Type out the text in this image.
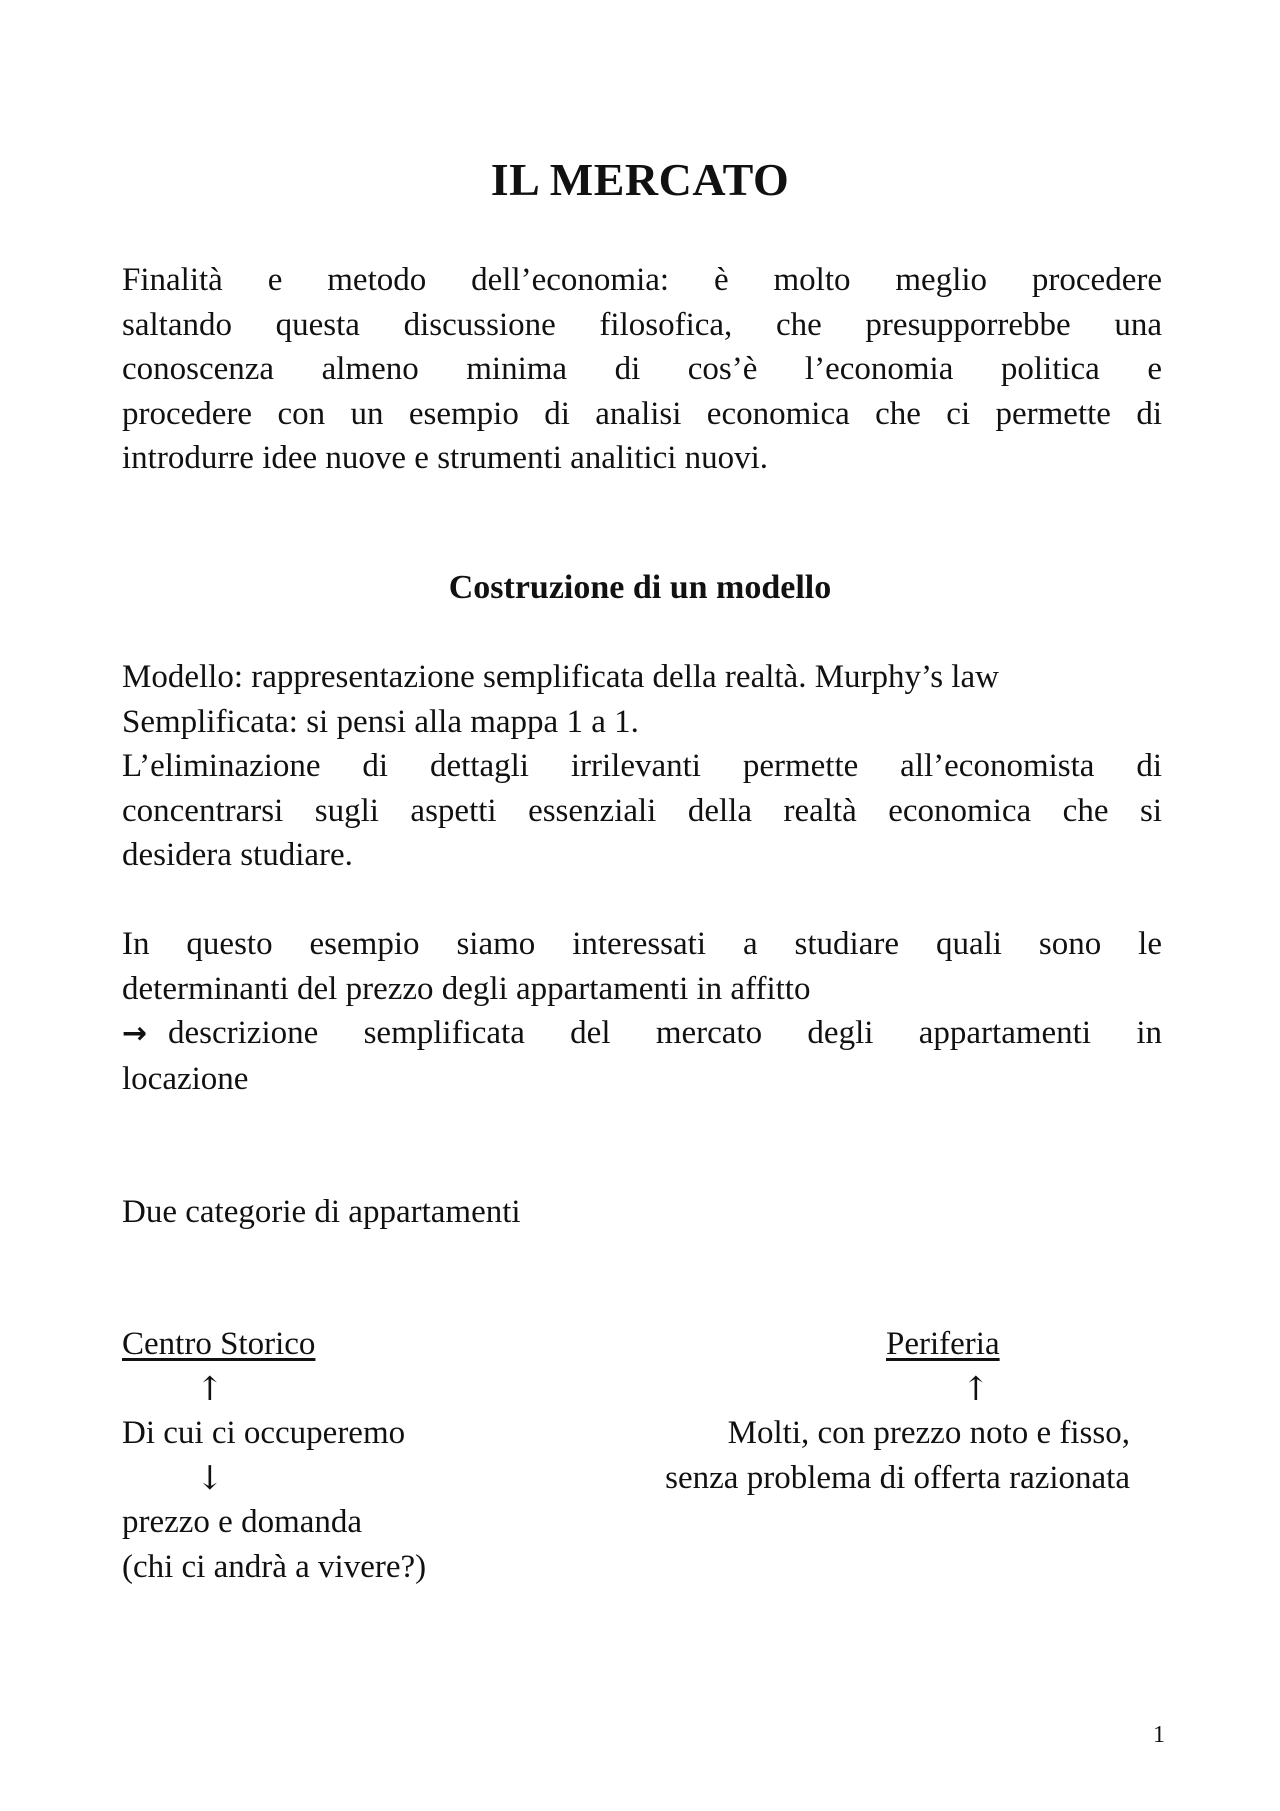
IL MERCATO
Finalità e metodo dell’economia: è molto meglio procedere
saltando questa discussione filosofica, che presupporrebbe una
conoscenza almeno minima di cos’è l’economia politica e
procedere con un esempio di analisi economica che ci permette di
introdurre idee nuove e strumenti analitici nuovi.
Costruzione di un modello
Modello: rappresentazione semplificata della realtà. Murphy’s law
Semplificata: si pensi alla mappa 1 a 1.
L’eliminazione di dettagli irrilevanti permette all’economista di
concentrarsi sugli aspetti essenziali della realtà economica che si
desidera studiare.
In questo esempio siamo interessati a studiare quali sono le
determinanti del prezzo degli appartamenti in affitto
→ descrizione semplificata del mercato degli appartamenti in
locazione
Due categorie di appartamenti
Centro Storico
↑
Di cui ci occuperemo
↓
prezzo e domanda
(chi ci andrà a vivere?)
Periferia
↑
Molti, con prezzo noto e fisso,
senza problema di offerta razionata
1
